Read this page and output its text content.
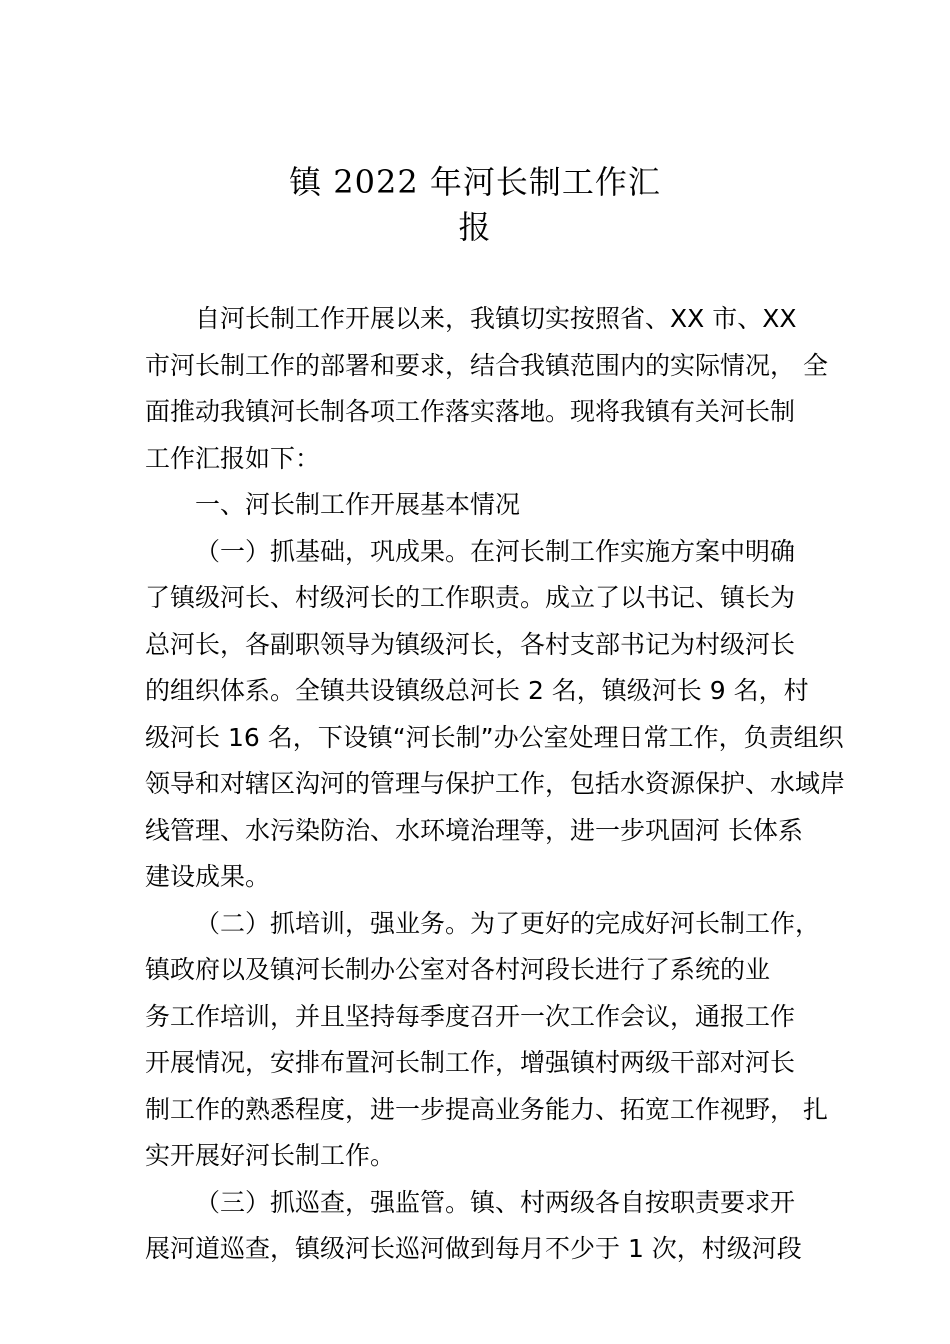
镇 2022 年河长制工作汇
报
自河长制工作开展以来，我镇切实按照省、XX 市、XX
市河长制工作的部署和要求，结合我镇范围内的实际情况， 全
面推动我镇河长制各项工作落实落地。现将我镇有关河长制
工作汇报如下：
一、河长制工作开展基本情况
（一）抓基础，巩成果。在河长制工作实施方案中明确
了镇级河长、村级河长的工作职责。成立了以书记、镇长为
总河长，各副职领导为镇级河长，各村支部书记为村级河长
的组织体系。全镇共设镇级总河长 2 名，镇级河长 9 名，村
级河长 16 名，下设镇“河长制”办公室处理日常工作，负责组织
领导和对辖区沟河的管理与保护工作，包括水资源保护、水域岸
线管理、水污染防治、水环境治理等，进一步巩固河 长体系
建设成果。
（二）抓培训，强业务。为了更好的完成好河长制工作，
镇政府以及镇河长制办公室对各村河段长进行了系统的业
务工作培训，并且坚持每季度召开一次工作会议，通报工作
开展情况，安排布置河长制工作，增强镇村两级干部对河长
制工作的熟悉程度，进一步提高业务能力、拓宽工作视野， 扎
实开展好河长制工作。
（三）抓巡查，强监管。镇、村两级各自按职责要求开
展河道巡查，镇级河长巡河做到每月不少于 1 次，村级河段
